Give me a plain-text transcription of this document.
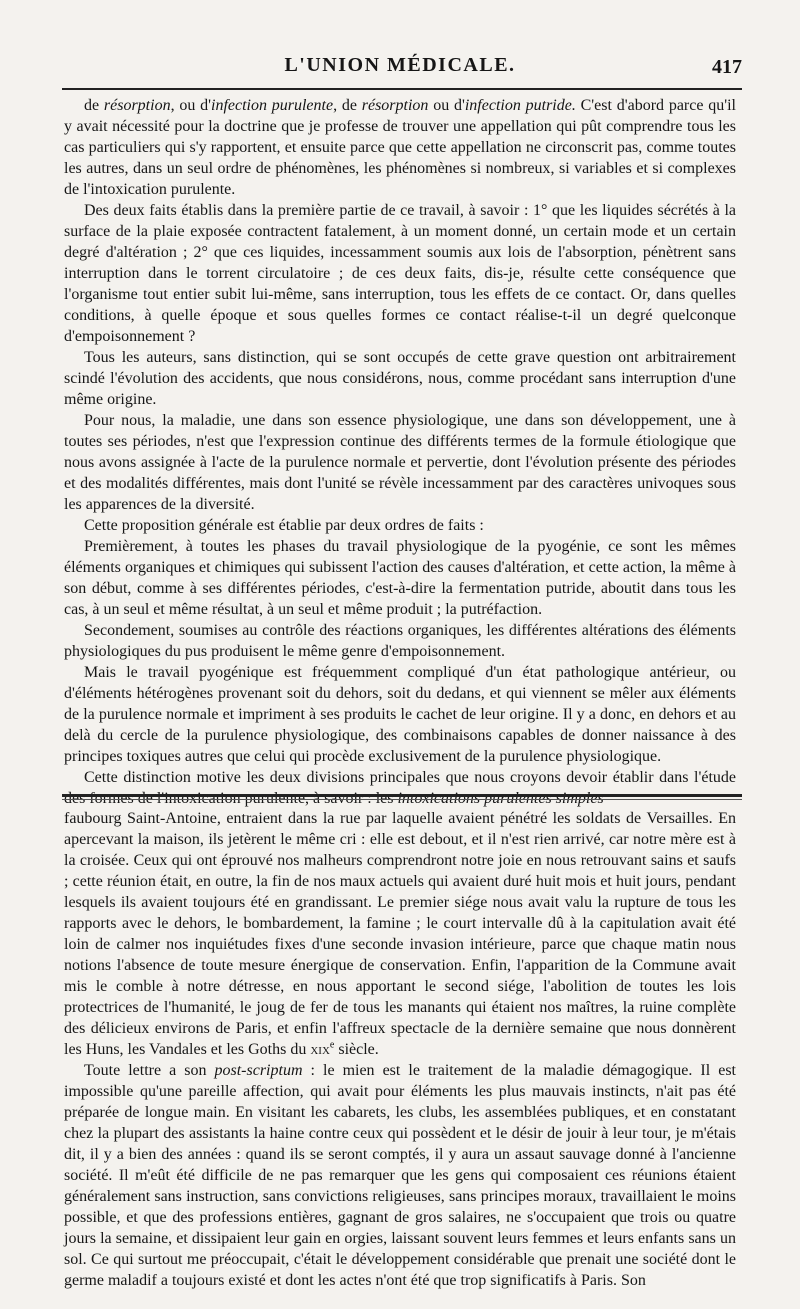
L'UNION MÉDICALE.	417

de résorption, ou d'infection purulente, de résorption ou d'infection putride. C'est d'abord parce qu'il y avait nécessité pour la doctrine que je professe de trouver une appellation qui pût comprendre tous les cas particuliers qui s'y rapportent, et ensuite parce que cette appellation ne circonscrit pas, comme toutes les autres, dans un seul ordre de phénomènes, les phénomènes si nombreux, si variables et si complexes de l'intoxication purulente.

Des deux faits établis dans la première partie de ce travail, à savoir : 1° que les liquides sécrétés à la surface de la plaie exposée contractent fatalement, à un moment donné, un certain mode et un certain degré d'altération ; 2° que ces liquides, incessamment soumis aux lois de l'absorption, pénètrent sans interruption dans le torrent circulatoire ; de ces deux faits, dis-je, résulte cette conséquence que l'organisme tout entier subit lui-même, sans interruption, tous les effets de ce contact. Or, dans quelles conditions, à quelle époque et sous quelles formes ce contact réalise-t-il un degré quelconque d'empoisonnement ?

Tous les auteurs, sans distinction, qui se sont occupés de cette grave question ont arbitrairement scindé l'évolution des accidents, que nous considérons, nous, comme procédant sans interruption d'une même origine.

Pour nous, la maladie, une dans son essence physiologique, une dans son développement, une à toutes ses périodes, n'est que l'expression continue des différents termes de la formule étiologique que nous avons assignée à l'acte de la purulence normale et pervertie, dont l'évolution présente des périodes et des modalités différentes, mais dont l'unité se révèle incessamment par des caractères univoques sous les apparences de la diversité.

Cette proposition générale est établie par deux ordres de faits :

Premièrement, à toutes les phases du travail physiologique de la pyogénie, ce sont les mêmes éléments organiques et chimiques qui subissent l'action des causes d'altération, et cette action, la même à son début, comme à ses différentes périodes, c'est-à-dire la fermentation putride, aboutit dans tous les cas, à un seul et même résultat, à un seul et même produit ; la putréfaction.

Secondement, soumises au contrôle des réactions organiques, les différentes altérations des éléments physiologiques du pus produisent le même genre d'empoisonnement.

Mais le travail pyogénique est fréquemment compliqué d'un état pathologique antérieur, ou d'éléments hétérogènes provenant soit du dehors, soit du dedans, et qui viennent se mêler aux éléments de la purulence normale et impriment à ses produits le cachet de leur origine. Il y a donc, en dehors et au delà du cercle de la purulence physiologique, des combinaisons capables de donner naissance à des principes toxiques autres que celui qui procède exclusivement de la purulence physiologique.

Cette distinction motive les deux divisions principales que nous croyons devoir établir dans l'étude des formes de l'intoxication purulente, à savoir : les intoxications purulentes simples

faubourg Saint-Antoine, entraient dans la rue par laquelle avaient pénétré les soldats de Versailles. En apercevant la maison, ils jetèrent le même cri : elle est debout, et il n'est rien arrivé, car notre mère est à la croisée. Ceux qui ont éprouvé nos malheurs comprendront notre joie en nous retrouvant sains et saufs ; cette réunion était, en outre, la fin de nos maux actuels qui avaient duré huit mois et huit jours, pendant lesquels ils avaient toujours été en grandissant. Le premier siége nous avait valu la rupture de tous les rapports avec le dehors, le bombardement, la famine ; le court intervalle dû à la capitulation avait été loin de calmer nos inquiétudes fixes d'une seconde invasion intérieure, parce que chaque matin nous notions l'absence de toute mesure énergique de conservation. Enfin, l'apparition de la Commune avait mis le comble à notre détresse, en nous apportant le second siége, l'abolition de toutes les lois protectrices de l'humanité, le joug de fer de tous les manants qui étaient nos maîtres, la ruine complète des délicieux environs de Paris, et enfin l'affreux spectacle de la dernière semaine que nous donnèrent les Huns, les Vandales et les Goths du xix$^e$ siècle.

Toute lettre a son post-scriptum : le mien est le traitement de la maladie démagogique. Il est impossible qu'une pareille affection, qui avait pour éléments les plus mauvais instincts, n'ait pas été préparée de longue main. En visitant les cabarets, les clubs, les assemblées publiques, et en constatant chez la plupart des assistants la haine contre ceux qui possèdent et le désir de jouir à leur tour, je m'étais dit, il y a bien des années : quand ils se seront comptés, il y aura un assaut sauvage donné à l'ancienne société. Il m'eût été difficile de ne pas remarquer que les gens qui composaient ces réunions étaient généralement sans instruction, sans convictions religieuses, sans principes moraux, travaillaient le moins possible, et que des professions entières, gagnant de gros salaires, ne s'occupaient que trois ou quatre jours la semaine, et dissipaient leur gain en orgies, laissant souvent leurs femmes et leurs enfants sans un sol. Ce qui surtout me préoccupait, c'était le développement considérable que prenait une société dont le germe maladif a toujours existé et dont les actes n'ont été que trop significatifs à Paris. Son
